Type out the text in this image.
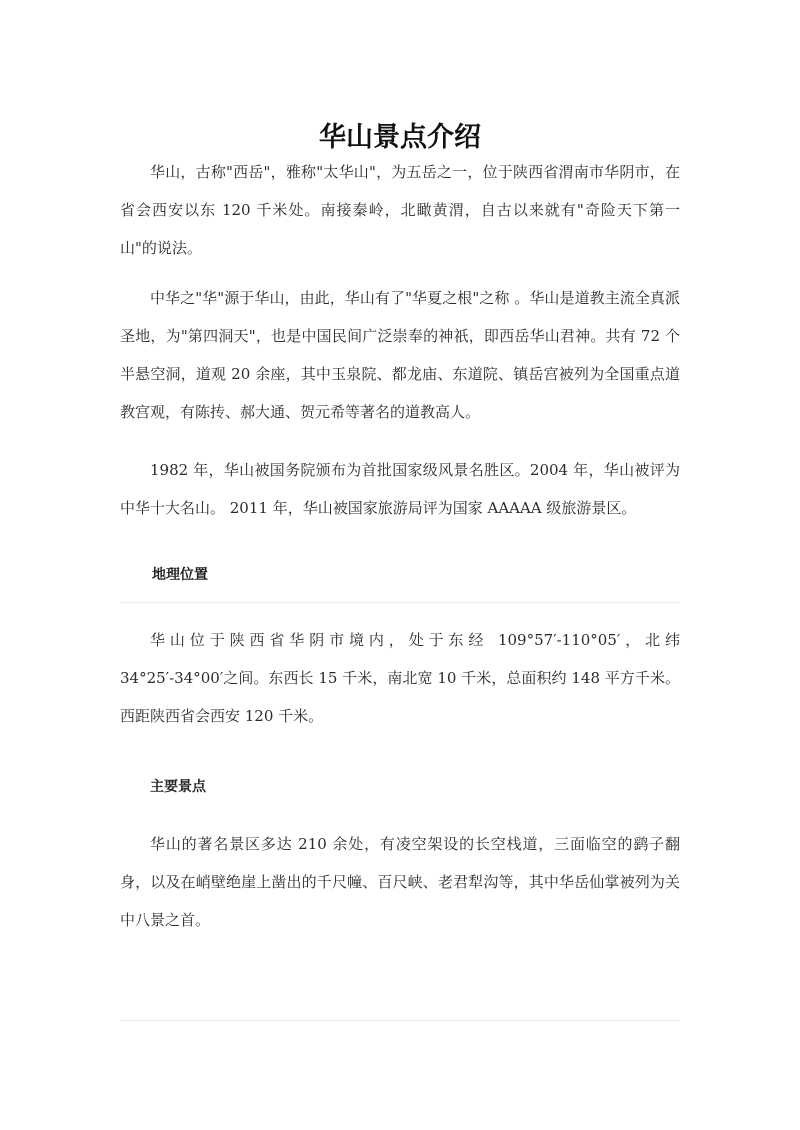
华山景点介绍

华山，古称"西岳"，雅称"太华山"，为五岳之一，位于陕西省渭南市华阴市，在省会西安以东 120 千米处。南接秦岭，北瞰黄渭，自古以来就有"奇险天下第一山"的说法。

中华之"华"源于华山，由此，华山有了"华夏之根"之称 。华山是道教主流全真派圣地，为"第四洞天"，也是中国民间广泛崇奉的神祇，即西岳华山君神。共有 72 个半悬空洞，道观 20 余座，其中玉泉院、都龙庙、东道院、镇岳宫被列为全国重点道教宫观，有陈抟、郝大通、贺元希等著名的道教高人。

1982 年，华山被国务院颁布为首批国家级风景名胜区。2004 年，华山被评为中华十大名山。 2011 年，华山被国家旅游局评为国家 AAAAA 级旅游景区。

地理位置

华山位于陕西省华阴市境内，处于东经 109°57′-110°05′，北纬 34°25′-34°00′之间。东西长 15 千米，南北宽 10 千米，总面积约 148 平方千米。西距陕西省会西安 120 千米。

主要景点

华山的著名景区多达 210 余处，有凌空架设的长空栈道，三面临空的鹞子翻身，以及在峭壁绝崖上凿出的千尺幢、百尺峡、老君犁沟等，其中华岳仙掌被列为关中八景之首。
